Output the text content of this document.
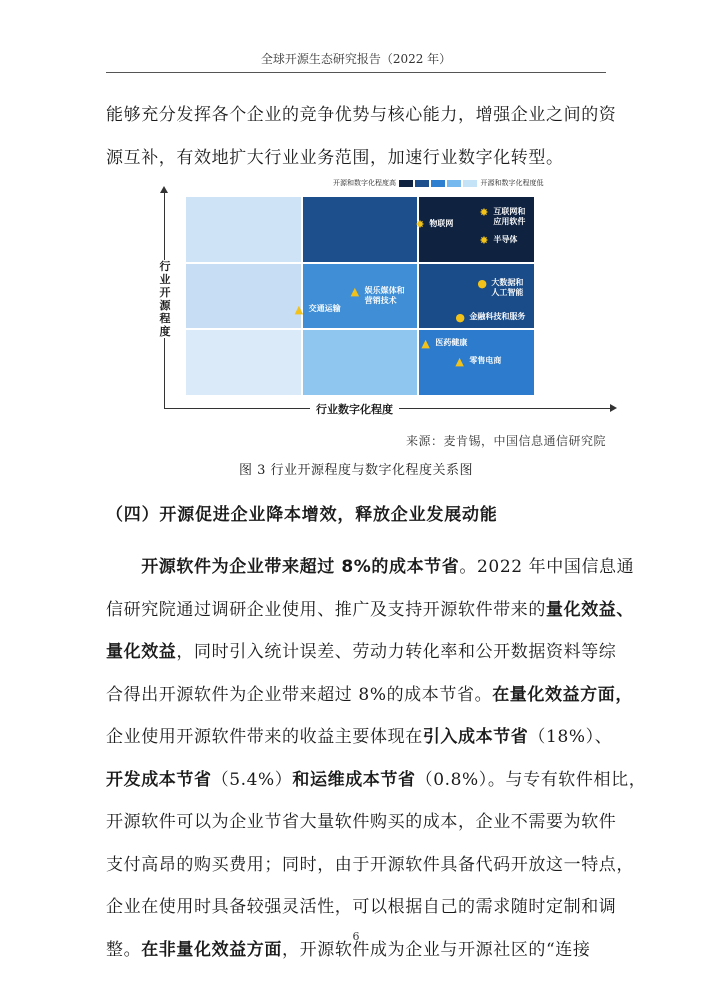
全球开源生态研究报告（2022 年）
能够充分发挥各个企业的竞争优势与核心能力，增强企业之间的资
源互补，有效地扩大行业业务范围，加速行业数字化转型。
开源和数字化程度高	开源和数字化程度低
行
业
开
源
程
度
行业数字化程度
✸ 物联网
✸ 互联网和
应用软件
✸ 半导体
▲ 交通运输
▲ 娱乐媒体和
营销技术
● 大数据和
人工智能
● 金融科技和服务
▲ 医药健康
▲ 零售电商
来源：麦肯锡，中国信息通信研究院
图 3 行业开源程度与数字化程度关系图
（四）开源促进企业降本增效，释放企业发展动能
　　开源软件为企业带来超过 8%的成本节省。2022 年中国信息通
信研究院通过调研企业使用、推广及支持开源软件带来的量化效益、
量化效益，同时引入统计误差、劳动力转化率和公开数据资料等综
合得出开源软件为企业带来超过 8%的成本节省。在量化效益方面，
企业使用开源软件带来的收益主要体现在引入成本节省（18%）、
开发成本节省（5.4%）和运维成本节省（0.8%）。与专有软件相比，
开源软件可以为企业节省大量软件购买的成本，企业不需要为软件
支付高昂的购买费用；同时，由于开源软件具备代码开放这一特点，
企业在使用时具备较强灵活性，可以根据自己的需求随时定制和调
整。在非量化效益方面，开源软件成为企业与开源社区的“连接
6
